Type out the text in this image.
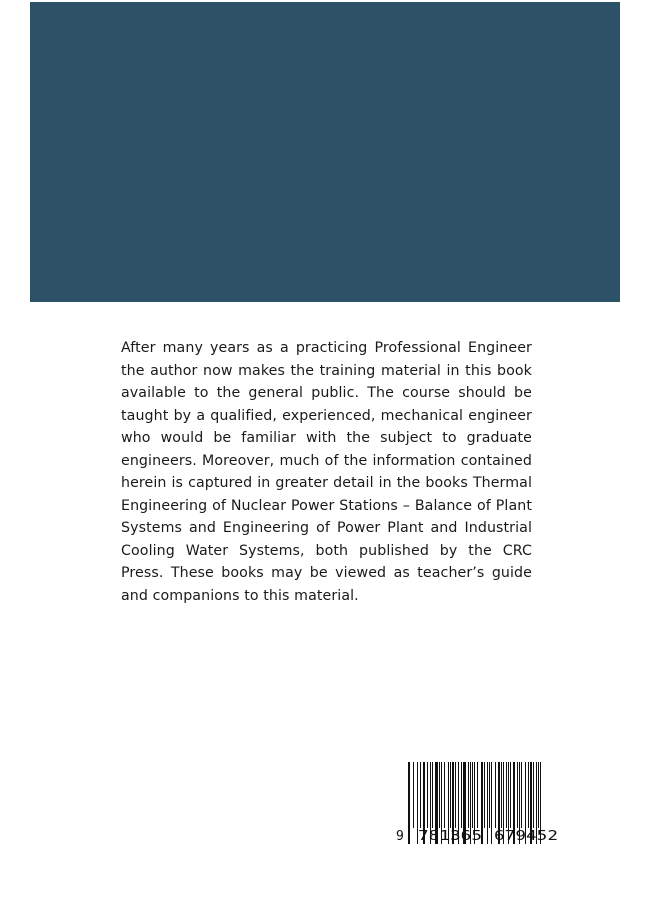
After many years as a practicing Professional Engineer the author now makes the training material in this book available to the general public. The course should be taught by a qualified, experienced, mechanical engineer who would be familiar with the subject to graduate engineers. Moreover, much of the information contained herein is captured in greater detail in the books Thermal Engineering of Nuclear Power Stations – Balance of Plant Systems and Engineering of Power Plant and Industrial Cooling Water Systems, both published by the CRC Press. These books may be viewed as teacher’s guide and companions to this material.

9 781365 679452
